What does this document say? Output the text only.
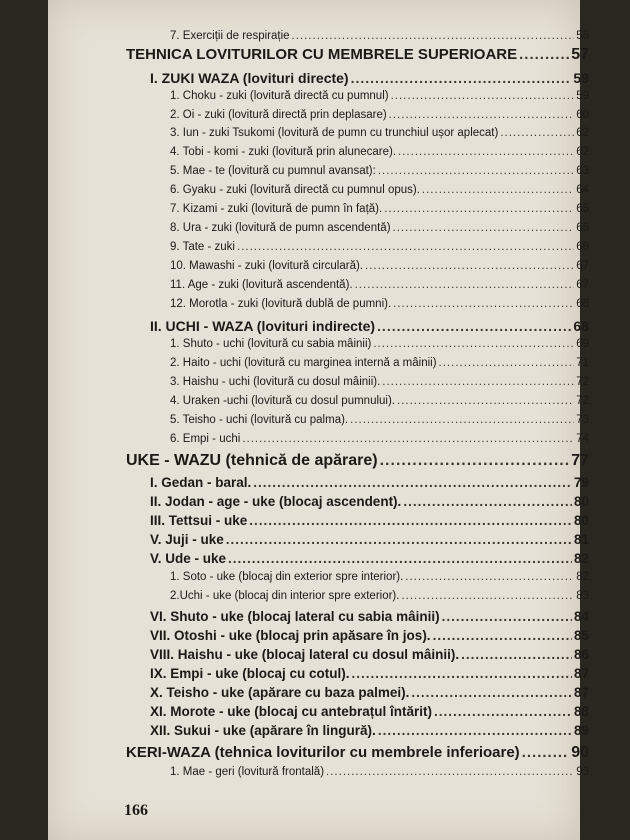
7. Exerciții de respirație .....	55
TEHNICA LOVITURILOR CU MEMBRELE SUPERIOARE .....	57
I. ZUKI WAZA (lovituri directe) .....	59
1. Choku - zuki (lovitură directă cu pumnul) .....	59
2. Oi - zuki (lovitură directă prin deplasare) .....	60
3. Iun - zuki Tsukomi (lovitură de pumn cu trunchiul ușor aplecat) .....	62
4. Tobi - komi - zuki (lovitură prin alunecare). .....	62
5. Mae - te (lovitură cu pumnul avansat): .....	63
6. Gyaku - zuki (lovitură directă cu pumnul opus). .....	64
7. Kizami - zuki (lovitură de pumn în față). .....	65
8. Ura - zuki (lovitură de pumn ascendentă) .....	66
9. Tate - zuki .....	66
10. Mawashi - zuki (lovitură circulară). .....	67
11. Age - zuki (lovitură ascendentă). .....	67
12. Morotla - zuki (lovitură dublă de pumni). .....	68
II. UCHI - WAZA (lovituri indirecte) .....	68
1. Shuto - uchi (lovitură cu sabia mâinii) .....	69
2. Haito - uchi (lovitură cu marginea internă a mâinii) .....	71
3. Haishu - uchi (lovitură cu dosul mâinii). .....	72
4. Uraken -uchi (lovitură cu dosul pumnului). .....	72
5. Teisho - uchi (lovitură cu palma). .....	73
6. Empi - uchi .....	74
UKE - WAZU (tehnică de apărare) .....	77
I. Gedan - baral. .....	79
II. Jodan - age - uke (blocaj ascendent). .....	80
III. Tettsui - uke .....	80
V. Juji - uke .....	81
V. Ude - uke .....	82
1. Soto - uke (blocaj din exterior spre interior). .....	82
2.Uchi - uke (blocaj din interior spre exterior). .....	83
VI. Shuto - uke (blocaj lateral cu sabia mâinii) .....	84
VII. Otoshi - uke (blocaj prin apăsare în jos). .....	85
VIII. Haishu - uke (blocaj lateral cu dosul mâinii). .....	86
IX. Empi - uke (blocaj cu cotul). .....	87
X. Teisho - uke (apărare cu baza palmei). .....	87
XI. Morote - uke (blocaj cu antebrațul întărit) .....	88
XII. Sukui - uke (apărare în lingură). .....	89
KERI-WAZA (tehnica loviturilor cu membrele inferioare) .....	90
1. Mae - geri (lovitură frontală) .....	93
166
